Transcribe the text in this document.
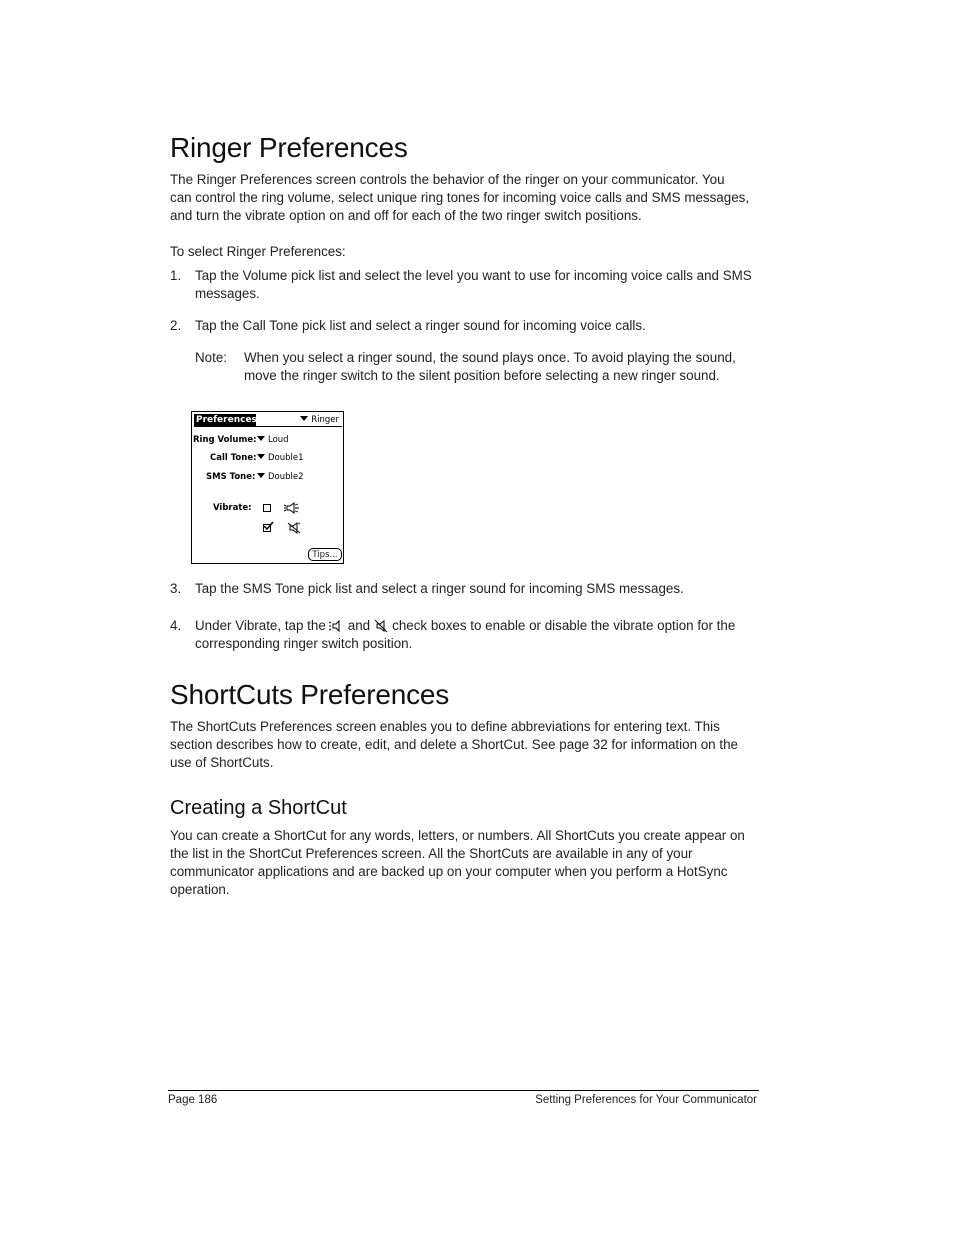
Ringer Preferences
The Ringer Preferences screen controls the behavior of the ringer on your communicator. You
can control the ring volume, select unique ring tones for incoming voice calls and SMS messages,
and turn the vibrate option on and off for each of the two ringer switch positions.
To select Ringer Preferences:
1. Tap the Volume pick list and select the level you want to use for incoming voice calls and SMS
messages.
2. Tap the Call Tone pick list and select a ringer sound for incoming voice calls.
Note: When you select a ringer sound, the sound plays once. To avoid playing the sound,
move the ringer switch to the silent position before selecting a new ringer sound.
Preferences	Ringer
Ring Volume:	Loud
Call Tone:	Double1
SMS Tone:	Double2
Vibrate:
Tips...
3. Tap the SMS Tone pick list and select a ringer sound for incoming SMS messages.
4. Under Vibrate, tap the and check boxes to enable or disable the vibrate option for the
corresponding ringer switch position.
ShortCuts Preferences
The ShortCuts Preferences screen enables you to define abbreviations for entering text. This
section describes how to create, edit, and delete a ShortCut. See page 32 for information on the
use of ShortCuts.
Creating a ShortCut
You can create a ShortCut for any words, letters, or numbers. All ShortCuts you create appear on
the list in the ShortCut Preferences screen. All the ShortCuts are available in any of your
communicator applications and are backed up on your computer when you perform a HotSync
operation.
Page 186	Setting Preferences for Your Communicator
